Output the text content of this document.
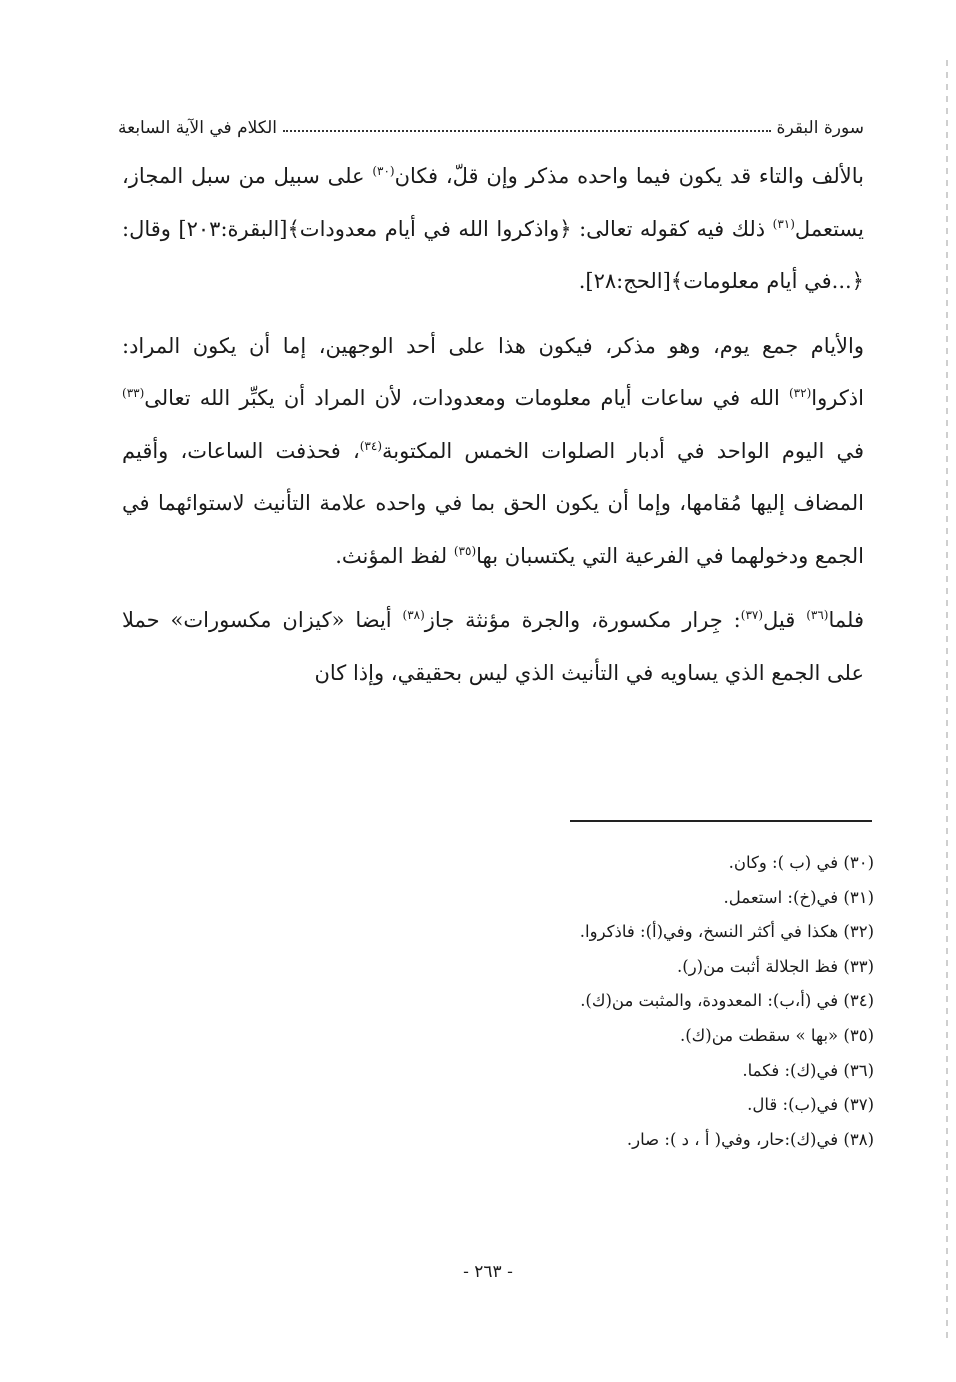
سورة البقرة
الكلام في الآية السابعة

بالألف والتاء قد يكون فيما واحده مذكر وإن قلّ، فكان$^{(٣٠)}$ على سبيل من سبل المجاز، يستعمل$^{(٣١)}$ ذلك فيه كقوله تعالى: ﴿واذكروا الله في أيام معدودات﴾[البقرة:٢٠٣] وقال: ﴿...في أيام معلومات﴾[الحج:٢٨].

والأيام جمع يوم، وهو مذكر، فيكون هذا على أحد الوجهين، إما أن يكون المراد: اذكروا$^{(٣٢)}$ الله في ساعات أيام معلومات ومعدودات، لأن المراد أن يكبِّر الله تعالى$^{(٣٣)}$ في اليوم الواحد في أدبار الصلوات الخمس المكتوبة$^{(٣٤)}$، فحذفت الساعات، وأقيم المضاف إليها مُقامها، وإما أن يكون الحق بما في واحده علامة التأنيث لاستوائهما في الجمع ودخولهما في الفرعية التي يكتسبان بها$^{(٣٥)}$ لفظ المؤنث.

فلما$^{(٣٦)}$ قيل$^{(٣٧)}$: جِرار مكسورة، والجرة مؤنثة جاز$^{(٣٨)}$ أيضا «كيزان مكسورات» حملا على الجمع الذي يساويه في التأنيث الذي ليس بحقيقي، وإذا كان

(٣٠) في (ب ): وكان.
(٣١) في(خ): استعمل.
(٣٢) هكذا في أكثر النسخ، وفي(أ): فاذكروا.
(٣٣) فظ الجلالة أثبت من(ر).
(٣٤) في (أ،ب): المعدودة، والمثبت من(ك).
(٣٥) «بها » سقطت من(ك).
(٣٦) في(ك): فكما.
(٣٧) في(ب): قال.
(٣٨) في(ك):حار، وفي( أ ، د ): صار.
- ٢٦٣ -
